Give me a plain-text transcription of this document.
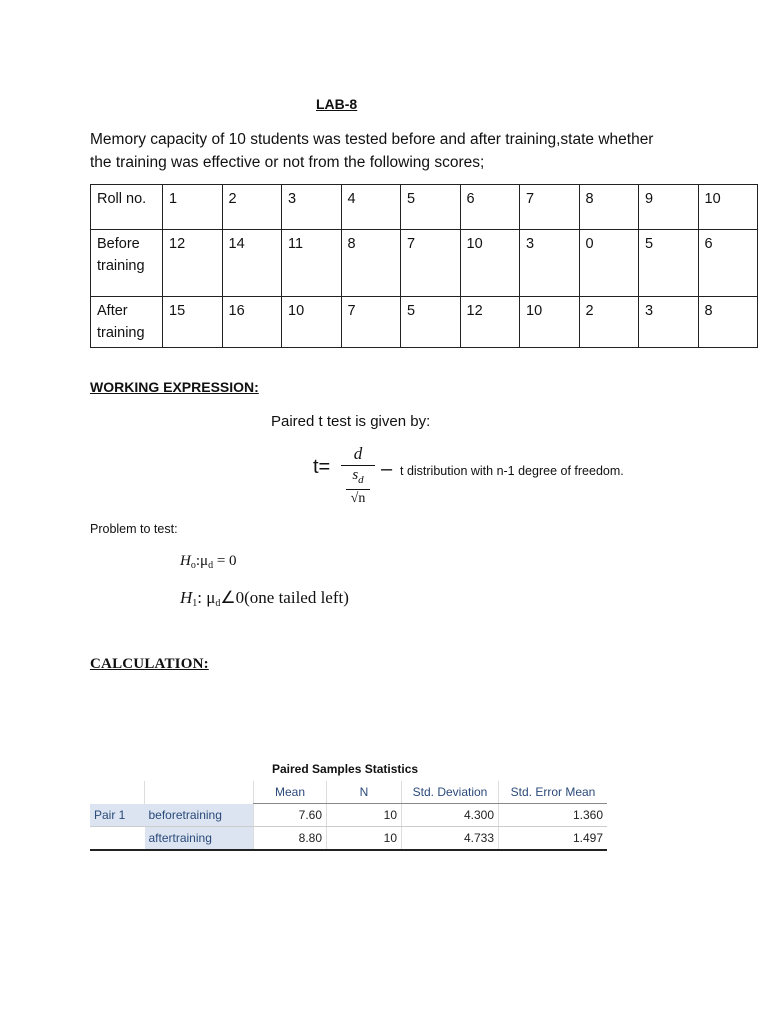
LAB-8
Memory capacity of 10 students was tested before and after training,state whether
the training was effective or not from the following scores;
Roll no.	1	2	3	4	5	6	7	8	9	10

Before
training	12	14	11	8	7	10	3	0	5	6

After
training	15	16	10	7	5	12	10	2	3	8
WORKING EXPRESSION:
Paired t test is given by:
t=
d
$s_d$
√n
– t distribution with n-1 degree of freedom.
Problem to test:
$H_o:\mu_d = 0$
H1: μd∠0(one tailed left)
CALCULATION:
Paired Samples Statistics
		Mean	N	Std. Deviation	Std. Error Mean
Pair 1	beforetraining	7.60	10	4.300	1.360
	aftertraining	8.80	10	4.733	1.497
